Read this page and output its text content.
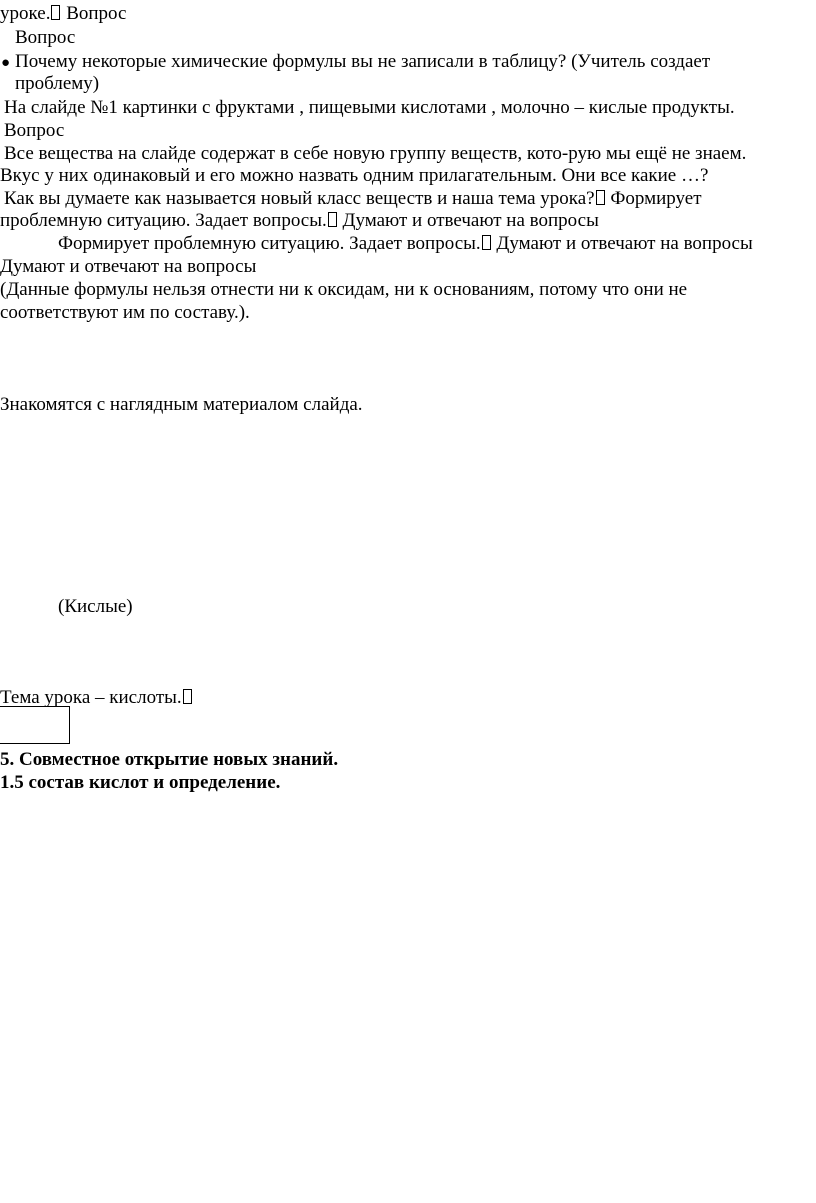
уроке. Вопрос

Вопрос

● Почему некоторые химические формулы вы не записали в таблицу? (Учитель создает

проблему)

На слайде №1 картинки с фруктами , пищевыми кислотами , молочно – кислые продукты.

Вопрос

Все вещества на слайде содержат в себе новую группу веществ, кото-рую мы ещё не знаем.

Вкус у них одинаковый и его можно назвать одним прилагательным. Они все какие …?

Как вы думаете как называется новый класс веществ и наша тема урока? Формирует

проблемную ситуацию. Задает вопросы. Думают и отвечают на вопросы

Формирует проблемную ситуацию. Задает вопросы. Думают и отвечают на вопросы

Думают и отвечают на вопросы

(Данные формулы нельзя отнести ни к оксидам, ни к основаниям, потому что они не

соответствуют им по составу.).

Знакомятся с наглядным материалом слайда.

(Кислые)

Тема урока – кислоты.

5. Совместное открытие новых знаний.

1.5 состав кислот и определение.
